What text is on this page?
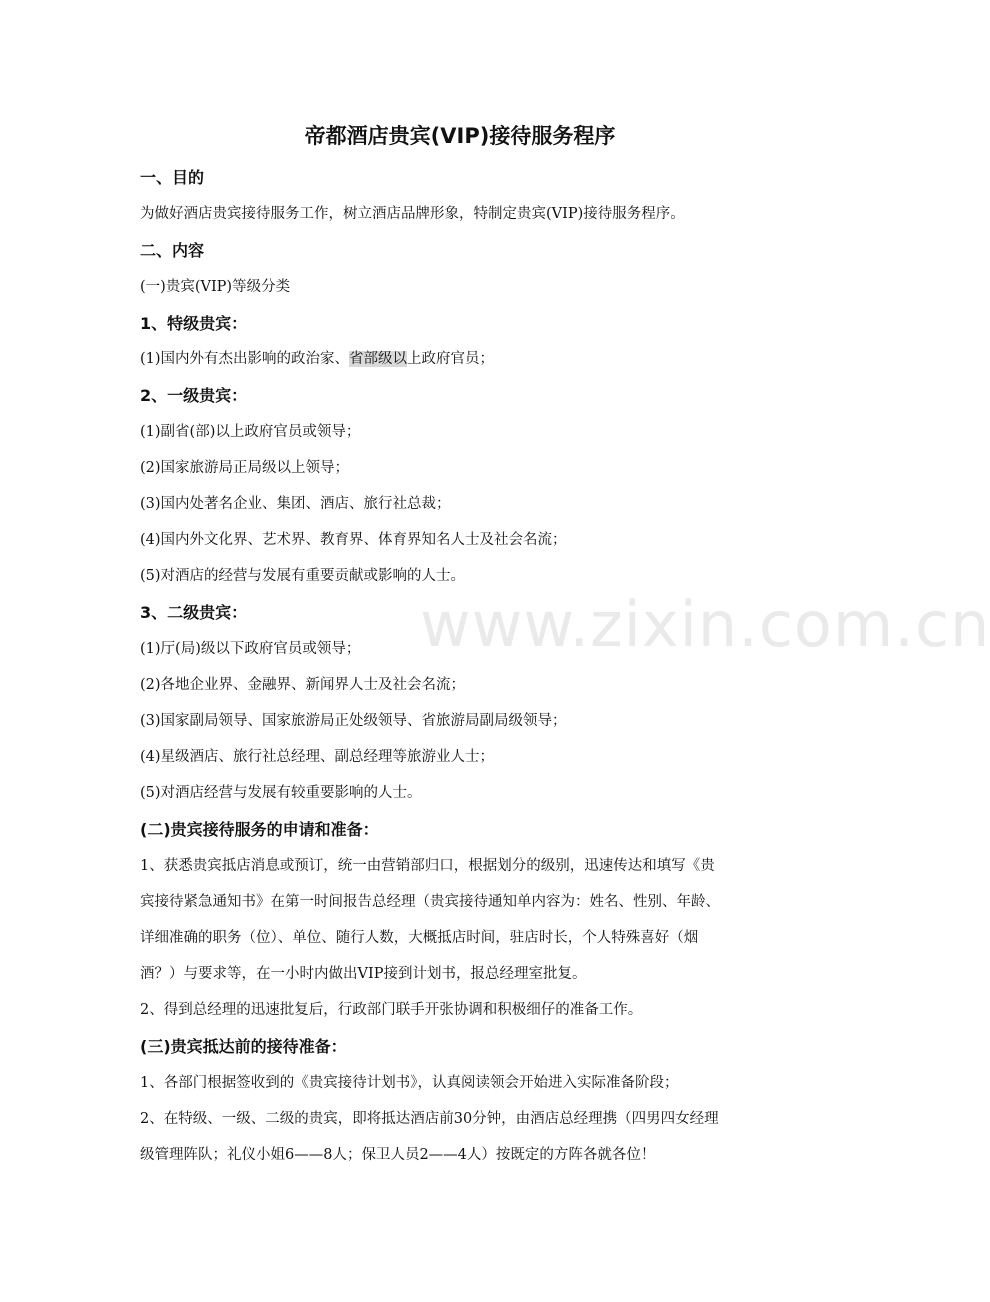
www.zixin.com.cn
帝都酒店贵宾(VIP)接待服务程序
一、目的
为做好酒店贵宾接待服务工作，树立酒店品牌形象，特制定贵宾(VIP)接待服务程序。
二、内容
(一)贵宾(VIP)等级分类
1、特级贵宾：
(1)国内外有杰出影响的政治家、省部级以上政府官员；
2、一级贵宾：
(1)副省(部)以上政府官员或领导；
(2)国家旅游局正局级以上领导；
(3)国内处著名企业、集团、酒店、旅行社总裁；
(4)国内外文化界、艺术界、教育界、体育界知名人士及社会名流；
(5)对酒店的经营与发展有重要贡献或影响的人士。
3、二级贵宾：
(1)厅(局)级以下政府官员或领导；
(2)各地企业界、金融界、新闻界人士及社会名流；
(3)国家副局领导、国家旅游局正处级领导、省旅游局副局级领导；
(4)星级酒店、旅行社总经理、副总经理等旅游业人士；
(5)对酒店经营与发展有较重要影响的人士。
(二)贵宾接待服务的申请和准备：
1、获悉贵宾抵店消息或预订，统一由营销部归口，根据划分的级别，迅速传达和填写《贵
宾接待紧急通知书》在第一时间报告总经理（贵宾接待通知单内容为：姓名、性别、年龄、
详细准确的职务（位）、单位、随行人数，大概抵店时间，驻店时长，个人特殊喜好（烟
酒？）与要求等，在一小时内做出VIP接到计划书，报总经理室批复。
2、得到总经理的迅速批复后，行政部门联手开张协调和积极细仔的准备工作。
(三)贵宾抵达前的接待准备：
1、各部门根据签收到的《贵宾接待计划书》，认真阅读领会开始进入实际准备阶段；
2、在特级、一级、二级的贵宾，即将抵达酒店前30分钟，由酒店总经理携（四男四女经理
级管理阵队；礼仪小姐6——8人；保卫人员2——4人）按既定的方阵各就各位！
